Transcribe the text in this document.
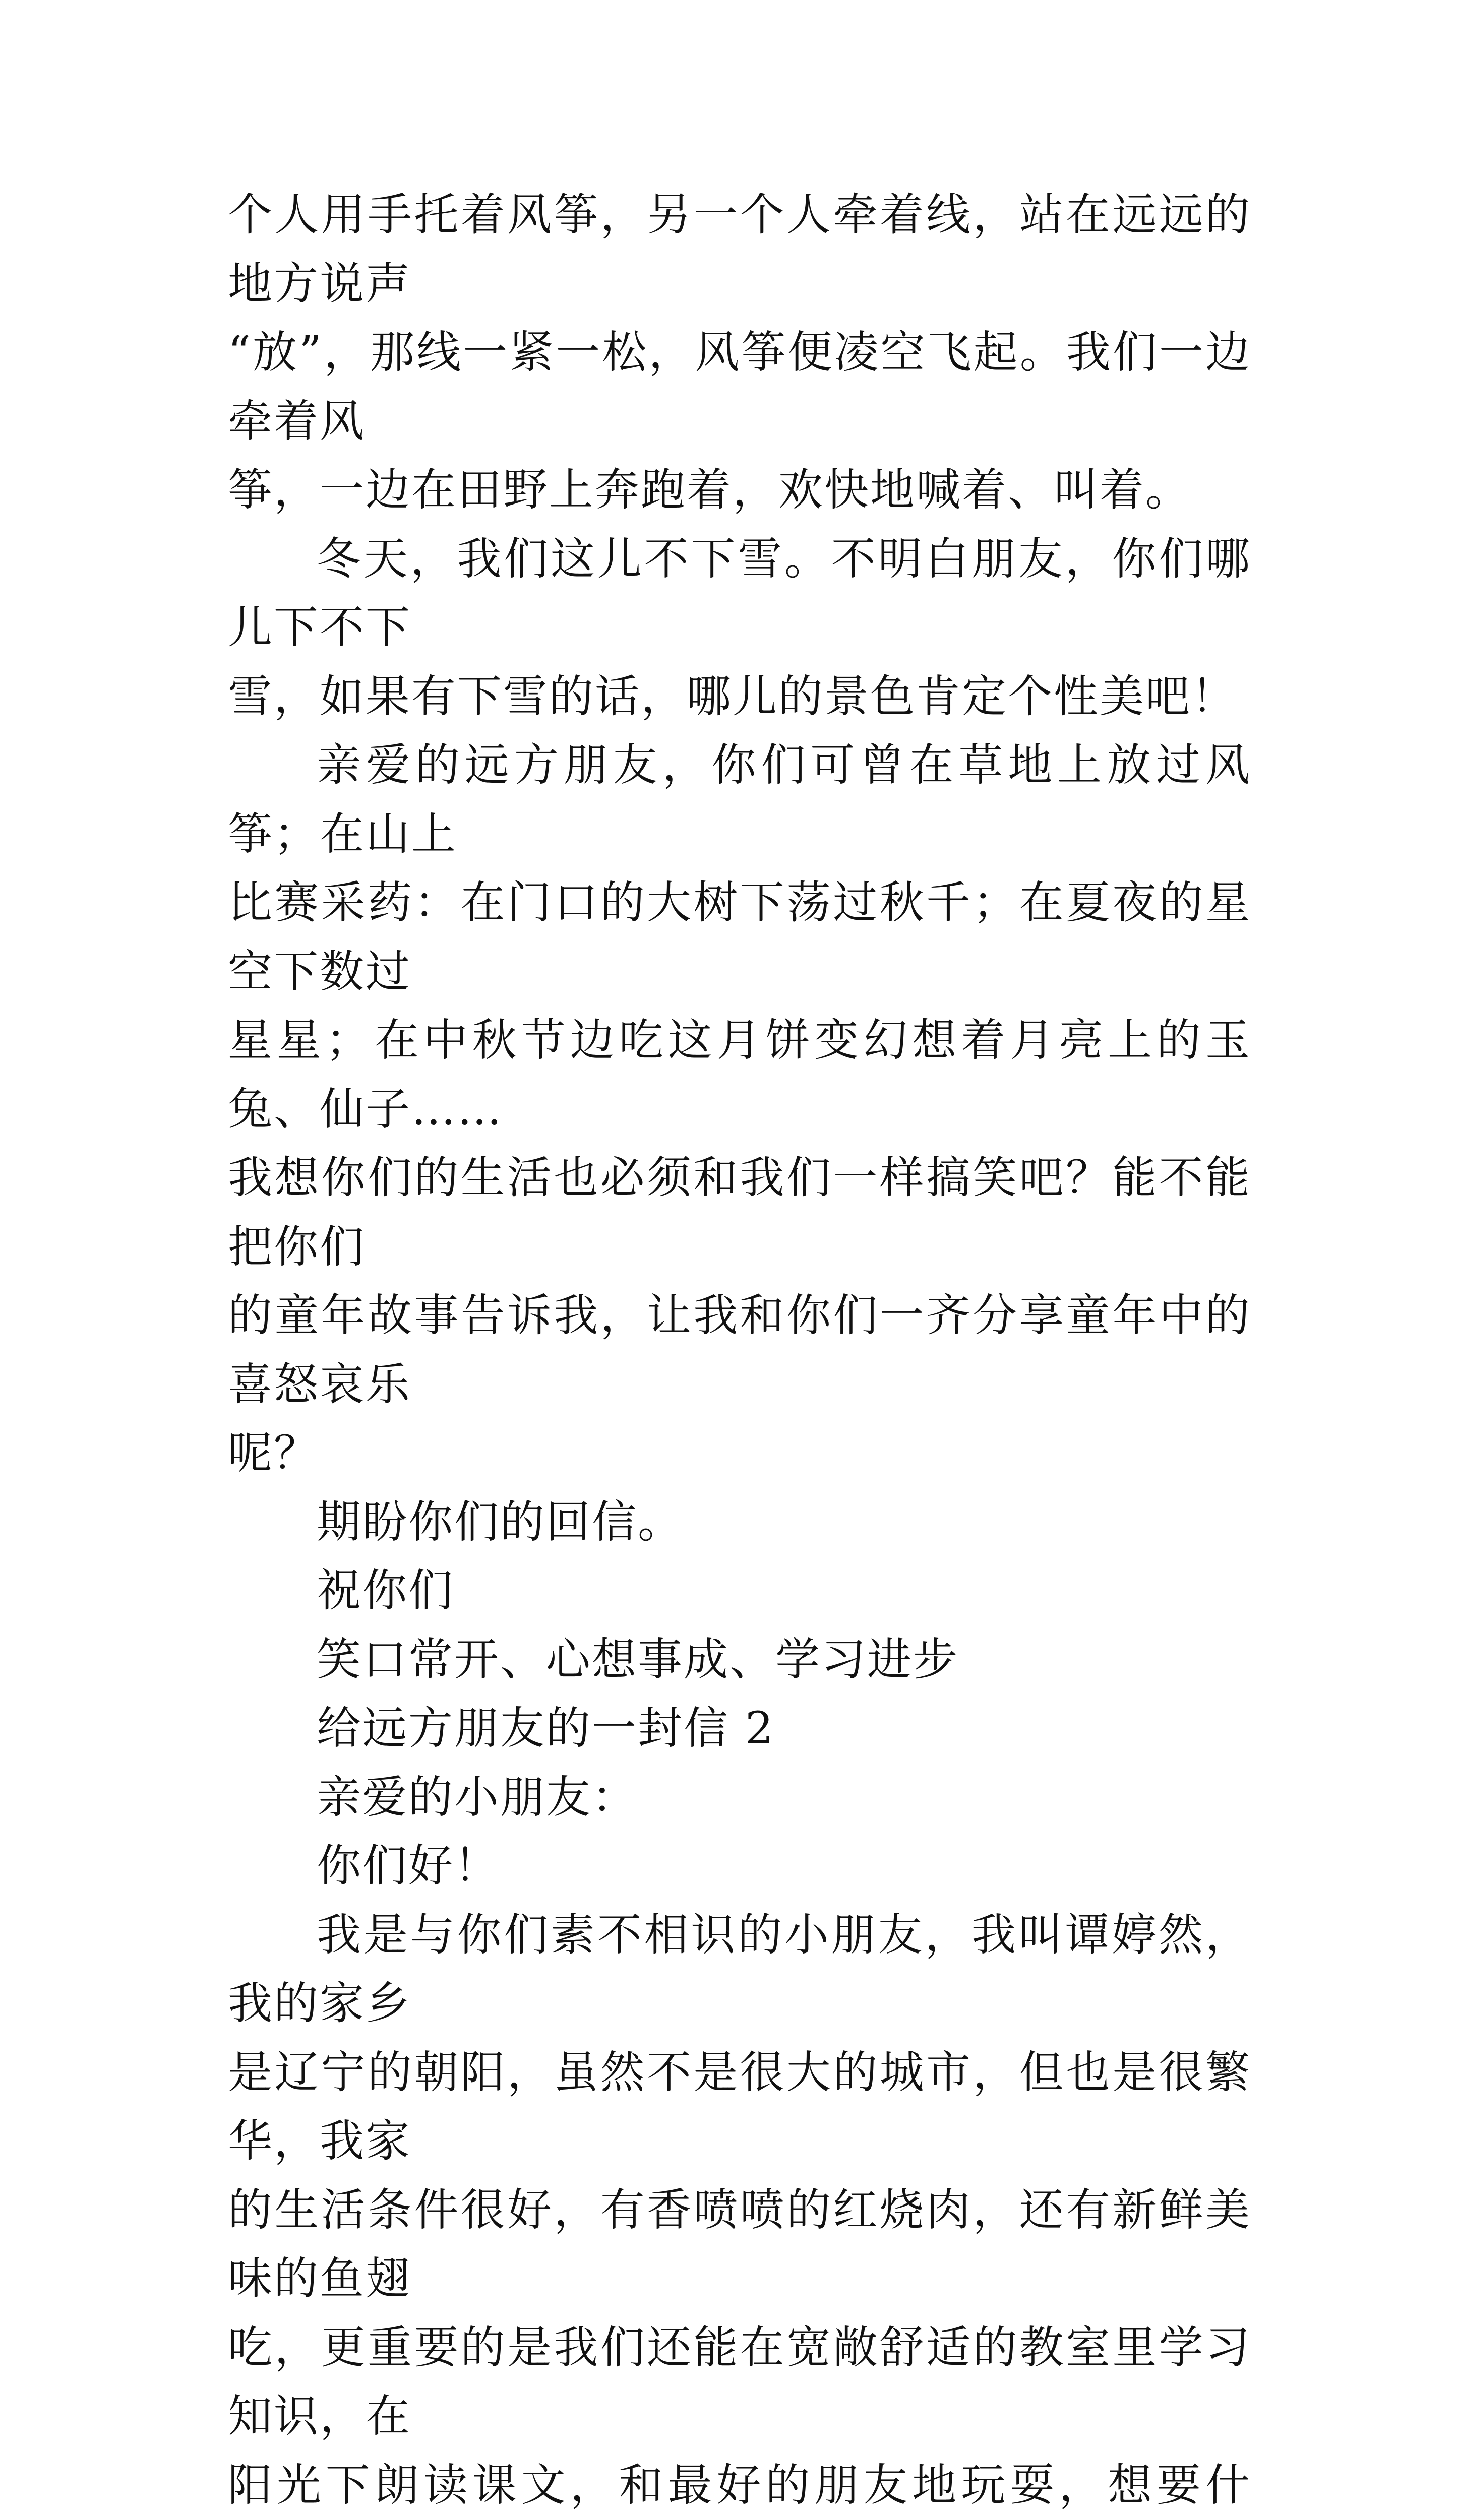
个人用手托着风筝，另一个人牵着线，站在远远的地方说声
“放”，那线一紧一松，风筝便凌空飞起。我们一边牵着风
筝，一边在田野上奔跑着，欢快地喊着、叫着。

冬天，我们这儿不下雪。不明白朋友，你们哪儿下不下
雪，如果有下雪的话，哪儿的景色肯定个性美吧！

亲爱的远方朋友，你们可曾在草地上放过风筝；在山上
比赛采药：在门口的大树下荡过秋千；在夏夜的星空下数过
星星；在中秋节边吃这月饼变幻想着月亮上的玉兔、仙子……
我想你们的生活也必须和我们一样搞笑吧？能不能把你们
的童年故事告诉我，让我和你们一齐分享童年中的喜怒哀乐
呢？

期盼你们的回信。

祝你们

笑口常开、心想事成、学习进步

给远方朋友的一封信 2

亲爱的小朋友：

你们好！

我是与你们素不相识的小朋友，我叫谭婷然，我的家乡
是辽宁的朝阳，虽然不是很大的城市，但也是很繁华，我家
的生活条件很好，有香喷喷的红烧肉，还有新鲜美味的鱼翅
吃，更重要的是我们还能在宽敞舒适的教室里学习知识，在
阳光下朗读课文，和最好的朋友地玩耍，想要什
